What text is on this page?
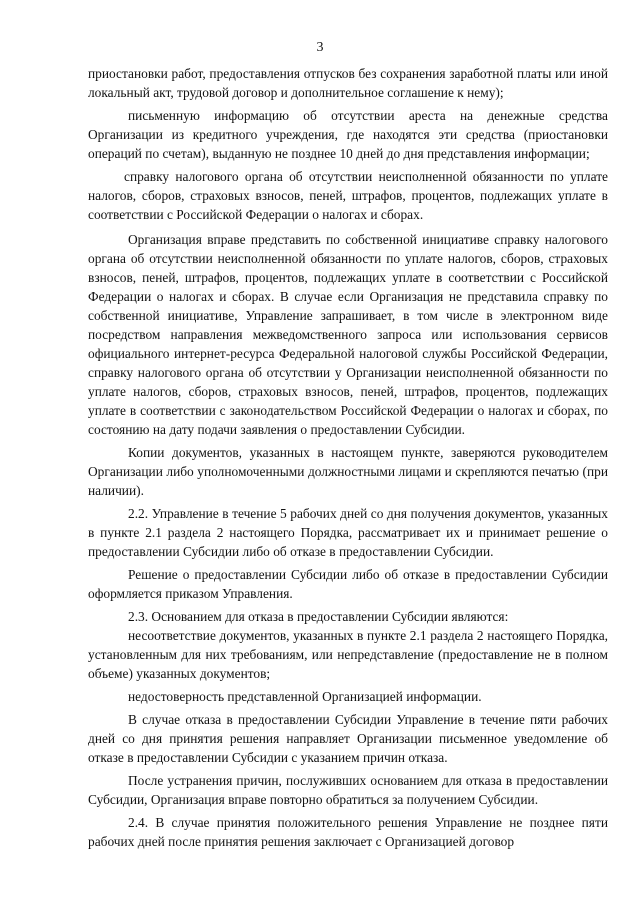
3

приостановки работ, предоставления отпусков без сохранения заработной платы или иной локальный акт, трудовой договор и дополнительное соглашение к нему);

письменную информацию об отсутствии ареста на денежные средства Организации из кредитного учреждения, где находятся эти средства (приостановки операций по счетам), выданную не позднее 10 дней до дня представления информации;

справку налогового органа об отсутствии неисполненной обязанности по уплате налогов, сборов, страховых взносов, пеней, штрафов, процентов, подлежащих уплате в соответствии с Российской Федерации о налогах и сборах.

Организация вправе представить по собственной инициативе справку налогового органа об отсутствии неисполненной обязанности по уплате налогов, сборов, страховых взносов, пеней, штрафов, процентов, подлежащих уплате в соответствии с Российской Федерации о налогах и сборах. В случае если Организация не представила справку по собственной инициативе, Управление запрашивает, в том числе в электронном виде посредством направления межведомственного запроса или использования сервисов официального интернет-ресурса Федеральной налоговой службы Российской Федерации, справку налогового органа об отсутствии у Организации неисполненной обязанности по уплате налогов, сборов, страховых взносов, пеней, штрафов, процентов, подлежащих уплате в соответствии с законодательством Российской Федерации о налогах и сборах, по состоянию на дату подачи заявления о предоставлении Субсидии.

Копии документов, указанных в настоящем пункте, заверяются руководителем Организации либо уполномоченными должностными лицами и скрепляются печатью (при наличии).

2.2. Управление в течение 5 рабочих дней со дня получения документов, указанных в пункте 2.1 раздела 2 настоящего Порядка, рассматривает их и принимает решение о предоставлении Субсидии либо об отказе в предоставлении Субсидии.

Решение о предоставлении Субсидии либо об отказе в предоставлении Субсидии оформляется приказом Управления.

2.3. Основанием для отказа в предоставлении Субсидии являются:

несоответствие документов, указанных в пункте 2.1 раздела 2 настоящего Порядка, установленным для них требованиям, или непредставление (предоставление не в полном объеме) указанных документов;

недостоверность представленной Организацией информации.

В случае отказа в предоставлении Субсидии Управление в течение пяти рабочих дней со дня принятия решения направляет Организации письменное уведомление об отказе в предоставлении Субсидии с указанием причин отказа.

После устранения причин, послуживших основанием для отказа в предоставлении Субсидии, Организация вправе повторно обратиться за получением Субсидии.

2.4. В случае принятия положительного решения Управление не позднее пяти рабочих дней после принятия решения заключает с Организацией договор
